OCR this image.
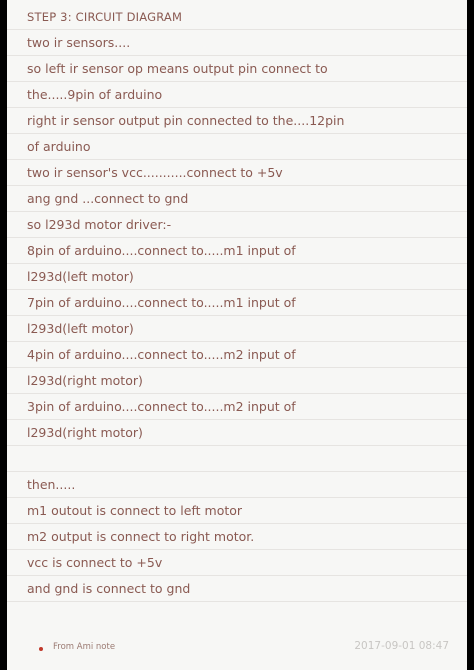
STEP 3: CIRCUIT DIAGRAM
two ir sensors....
so left ir sensor op means output pin connect to
the.....9pin of arduino
right ir sensor output pin connected to the....12pin
of arduino
two ir sensor's vcc...........connect to +5v
ang gnd ...connect to gnd
so l293d motor driver:-
8pin of arduino....connect to.....m1 input of
l293d(left motor)
7pin of arduino....connect to.....m1 input of
l293d(left motor)
4pin of arduino....connect to.....m2 input of
l293d(right motor)
3pin of arduino....connect to.....m2 input of
l293d(right motor)
then.....
m1 outout is connect to left motor
m2 output is connect to right motor.
vcc is connect to +5v
and gnd is connect to gnd
From Ami note	2017-09-01 08:47
